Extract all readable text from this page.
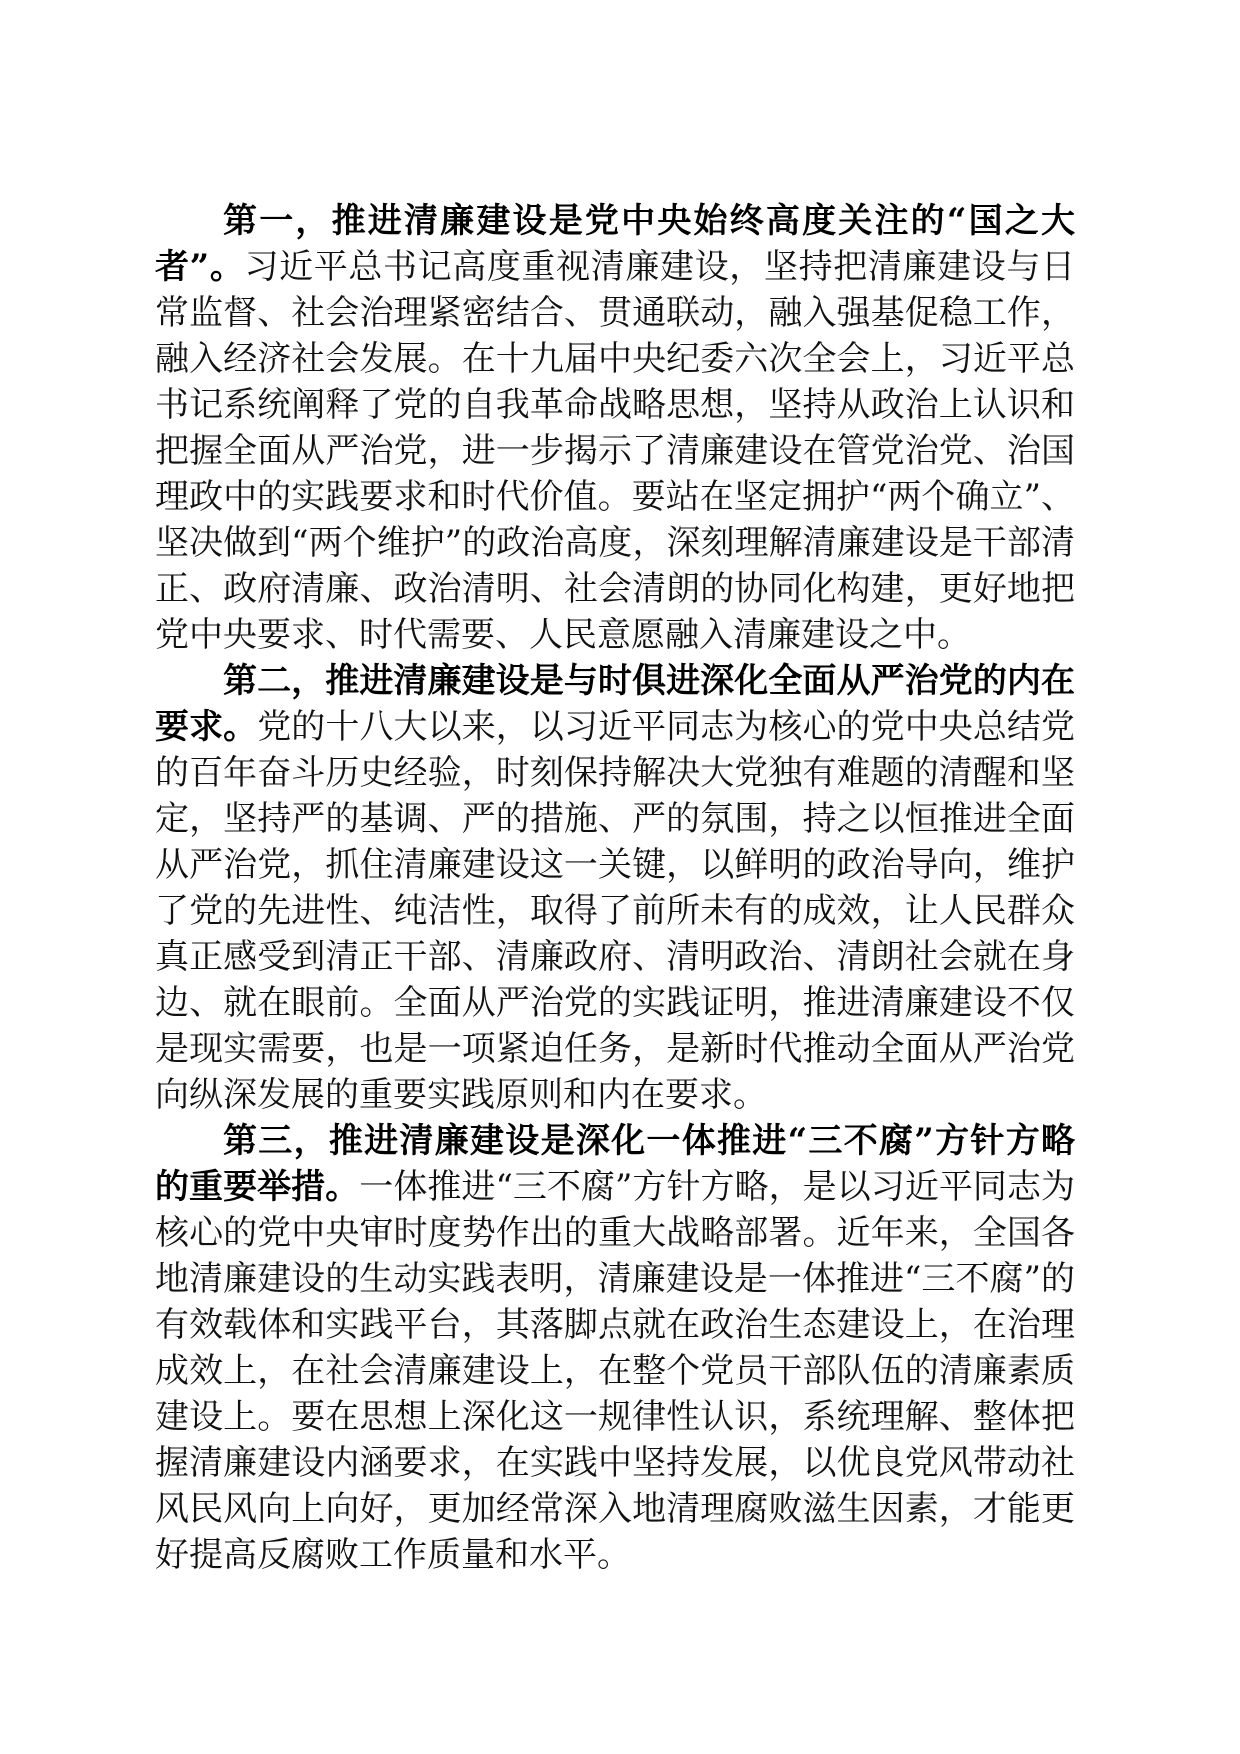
第一，推进清廉建设是党中央始终高度关注的“国之大者”。习近平总书记高度重视清廉建设，坚持把清廉建设与日常监督、社会治理紧密结合、贯通联动，融入强基促稳工作，融入经济社会发展。在十九届中央纪委六次全会上，习近平总书记系统阐释了党的自我革命战略思想，坚持从政治上认识和把握全面从严治党，进一步揭示了清廉建设在管党治党、治国理政中的实践要求和时代价值。要站在坚定拥护“两个确立”、坚决做到“两个维护”的政治高度，深刻理解清廉建设是干部清正、政府清廉、政治清明、社会清朗的协同化构建，更好地把党中央要求、时代需要、人民意愿融入清廉建设之中。

第二，推进清廉建设是与时俱进深化全面从严治党的内在要求。党的十八大以来，以习近平同志为核心的党中央总结党的百年奋斗历史经验，时刻保持解决大党独有难题的清醒和坚定，坚持严的基调、严的措施、严的氛围，持之以恒推进全面从严治党，抓住清廉建设这一关键，以鲜明的政治导向，维护了党的先进性、纯洁性，取得了前所未有的成效，让人民群众真正感受到清正干部、清廉政府、清明政治、清朗社会就在身边、就在眼前。全面从严治党的实践证明，推进清廉建设不仅是现实需要，也是一项紧迫任务，是新时代推动全面从严治党向纵深发展的重要实践原则和内在要求。

第三，推进清廉建设是深化一体推进“三不腐”方针方略的重要举措。一体推进“三不腐”方针方略，是以习近平同志为核心的党中央审时度势作出的重大战略部署。近年来，全国各地清廉建设的生动实践表明，清廉建设是一体推进“三不腐”的有效载体和实践平台，其落脚点就在政治生态建设上，在治理成效上，在社会清廉建设上，在整个党员干部队伍的清廉素质建设上。要在思想上深化这一规律性认识，系统理解、整体把握清廉建设内涵要求，在实践中坚持发展，以优良党风带动社风民风向上向好，更加经常深入地清理腐败滋生因素，才能更好提高反腐败工作质量和水平。
